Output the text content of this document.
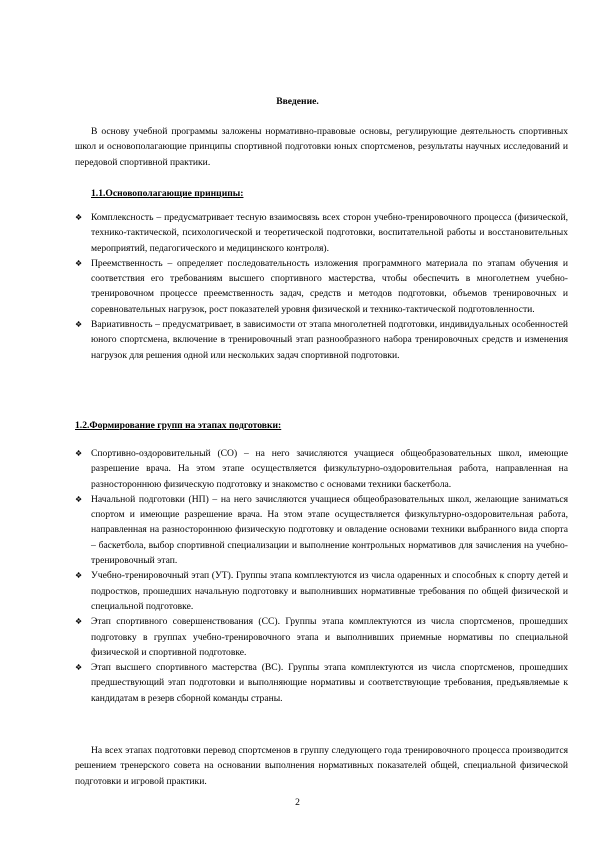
Введение.
В основу учебной программы заложены нормативно-правовые основы, регулирующие деятельность спортивных школ и основополагающие принципы спортивной подготовки юных спортсменов, результаты научных исследований и передовой спортивной практики.
1.1.Основополагающие принципы:
❖ Комплексность – предусматривает тесную взаимосвязь всех сторон учебно-тренировочного процесса (физической, технико-тактической, психологической и теоретической подготовки, воспитательной работы и восстановительных мероприятий, педагогического и медицинского контроля).
❖ Преемственность – определяет последовательность изложения программного материала по этапам обучения и соответствия его требованиям высшего спортивного мастерства, чтобы обеспечить в многолетнем учебно-тренировочном процессе преемственность задач, средств и методов подготовки, объемов тренировочных и соревновательных нагрузок, рост показателей уровня физической и технико-тактической подготовленности.
❖ Вариативность – предусматривает, в зависимости от этапа многолетней подготовки, индивидуальных особенностей юного спортсмена, включение в тренировочный этап разнообразного набора тренировочных средств и изменения нагрузок для решения одной или нескольких задач спортивной подготовки.
1.2.Формирование групп на этапах подготовки:
❖ Спортивно-оздоровительный (СО) – на него зачисляются учащиеся общеобразовательных школ, имеющие разрешение врача. На этом этапе осуществляется физкультурно-оздоровительная работа, направленная на разностороннюю физическую подготовку и знакомство с основами техники баскетбола.
❖ Начальной подготовки (НП) – на него зачисляются учащиеся общеобразовательных школ, желающие заниматься спортом и имеющие разрешение врача. На этом этапе осуществляется физкультурно-оздоровительная работа, направленная на разностороннюю физическую подготовку и овладение основами техники выбранного вида спорта – баскетбола, выбор спортивной специализации и выполнение контрольных нормативов для зачисления на учебно-тренировочный этап.
❖ Учебно-тренировочный этап (УТ). Группы этапа комплектуются из числа одаренных и способных к спорту детей и подростков, прошедших начальную подготовку и выполнивших нормативные требования по общей физической и специальной подготовке.
❖ Этап спортивного совершенствования (СС). Группы этапа комплектуются из числа спортсменов, прошедших подготовку в группах учебно-тренировочного этапа и выполнивших приемные нормативы по специальной физической и спортивной подготовке.
❖ Этап высшего спортивного мастерства (ВС). Группы этапа комплектуются из числа спортсменов, прошедших предшествующий этап подготовки и выполняющие нормативы и соответствующие требования, предъявляемые к кандидатам в резерв сборной команды страны.
На всех этапах подготовки перевод спортсменов в группу следующего года тренировочного процесса производится решением тренерского совета на основании выполнения нормативных показателей общей, специальной физической подготовки и игровой практики.
2
